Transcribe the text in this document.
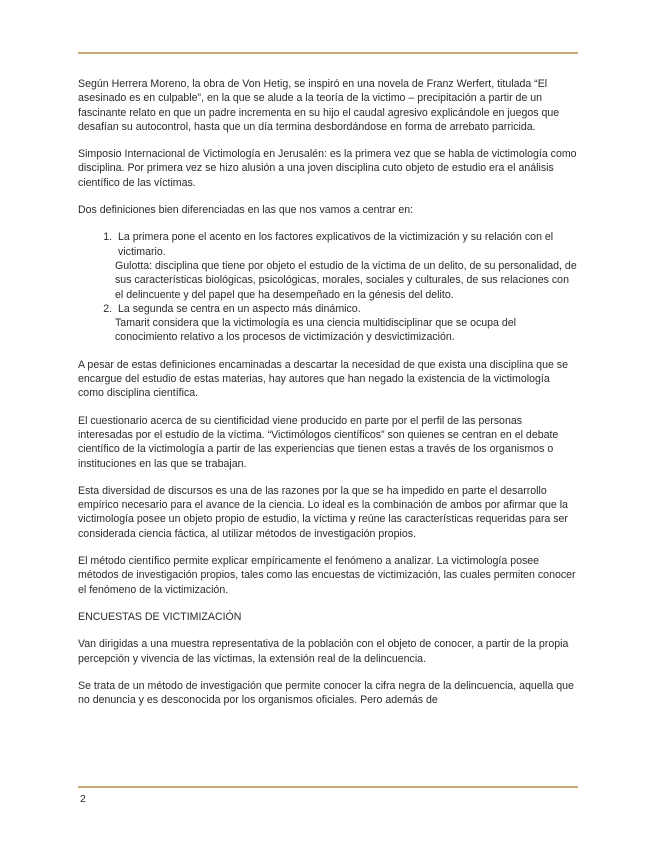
Según Herrera Moreno, la obra de Von Hetig, se inspiró en una novela de Franz Werfert, titulada “El asesinado es en culpable”, en la que se alude a la teoría de la victimo – precipitación a partir de un fascinante relato en que un padre incrementa en su hijo el caudal agresivo explicándole en juegos que desafían su autocontrol, hasta que un día termina desbordándose en forma de arrebato parricida.

Simposio Internacional de Victimología en Jerusalén: es la primera vez que se habla de victimología como disciplina. Por primera vez se hizo alusión a una joven disciplina cuto objeto de estudio era el análisis científico de las víctimas.

Dos definiciones bien diferenciadas en las que nos vamos a centrar en:

1. La primera pone el acento en los factores explicativos de la victimización y su relación con el victimario.
Gulotta: disciplina que tiene por objeto el estudio de la víctima de un delito, de su personalidad, de sus características biológicas, psicológicas, morales, sociales y culturales, de sus relaciones con el delincuente y del papel que ha desempeñado en la génesis del delito.
2. La segunda se centra en un aspecto más dinámico.
Tamarit considera que la victimología es una ciencia multidisciplinar que se ocupa del conocimiento relativo a los procesos de victimización y desvictimización.

A pesar de estas definiciones encaminadas a descartar la necesidad de que exista una disciplina que se encargue del estudio de estas materias, hay autores que han negado la existencia de la victimología como disciplina científica.

El cuestionario acerca de su cientificidad viene producido en parte por el perfil de las personas interesadas por el estudio de la víctima. “Victimólogos científicos” son quienes se centran en el debate científico de la victimología a partir de las experiencias que tienen estas a través de los organismos o instituciones en las que se trabajan.

Esta diversidad de discursos es una de las razones por la que se ha impedido en parte el desarrollo empírico necesario para el avance de la ciencia. Lo ideal es la combinación de ambos por afirmar que la victimología posee un objeto propio de estudio, la víctima y reúne las características requeridas para ser considerada ciencia fáctica, al utilizar métodos de investigación propios.

El método científico permite explicar empíricamente el fenómeno a analizar. La victimología posee métodos de investigación propios, tales como las encuestas de victimización, las cuales permiten conocer el fenómeno de la victimización.

ENCUESTAS DE VICTIMIZACIÓN

Van dirigidas a una muestra representativa de la población con el objeto de conocer, a partir de la propia percepción y vivencia de las víctimas, la extensión real de la delincuencia.

Se trata de un método de investigación que permite conocer la cifra negra de la delincuencia, aquella que no denuncia y es desconocida por los organismos oficiales. Pero además de

2
